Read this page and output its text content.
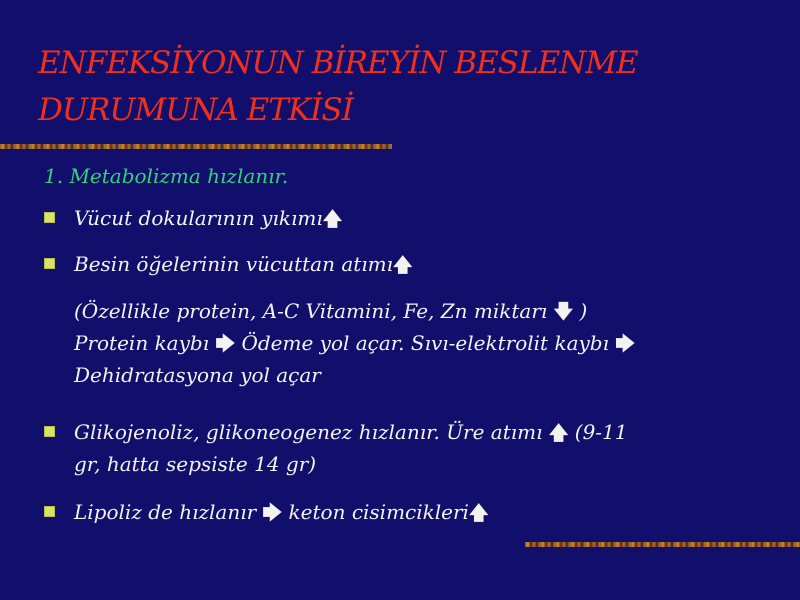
ENFEKSİYONUN BİREYİN BESLENME
DURUMUNA ETKİSİ
1. Metabolizma hızlanır.
Vücut dokularının yıkımı🡅
Besin öğelerinin vücuttan atımı🡅
(Özellikle protein, A-C Vitamini, Fe, Zn miktarı 🡇 )
Protein kaybı 🡆 Ödeme yol açar. Sıvı-elektrolit kaybı 🡆
Dehidratasyona yol açar
Glikojenoliz, glikoneogenez hızlanır. Üre atımı 🡅 (9-11
gr, hatta sepsiste 14 gr)
Lipoliz de hızlanır 🡆 keton cisimcikleri🡅
